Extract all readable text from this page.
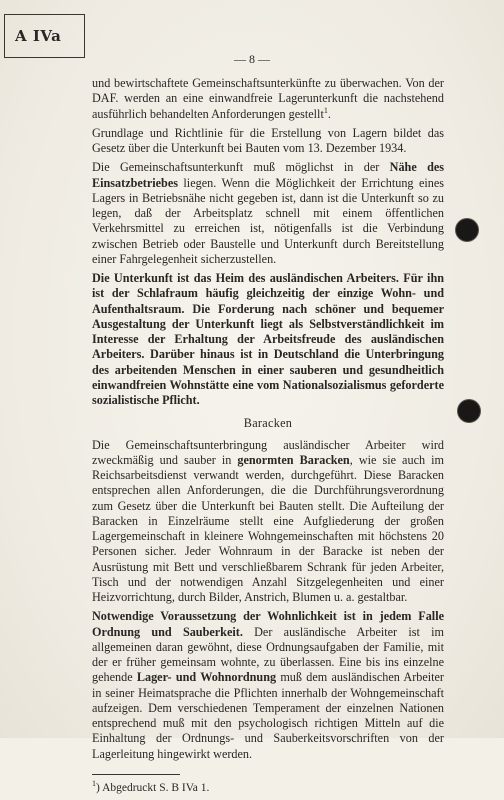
A IVa
— 8 —

und bewirtschaftete Gemeinschaftsunterkünfte zu überwachen. Von der DAF. werden an eine einwandfreie Lagerunterkunft die nachstehend ausführlich behandelten Anforderungen gestellt$^1$.

Grundlage und Richtlinie für die Erstellung von Lagern bildet das Gesetz über die Unterkunft bei Bauten vom 13. Dezember 1934.

Die Gemeinschaftsunterkunft muß möglichst in der Nähe des Einsatzbetriebes liegen. Wenn die Möglichkeit der Errichtung eines Lagers in Betriebsnähe nicht gegeben ist, dann ist die Unterkunft so zu legen, daß der Arbeitsplatz schnell mit einem öffentlichen Verkehrsmittel zu erreichen ist, nötigenfalls ist die Verbindung zwischen Betrieb oder Baustelle und Unterkunft durch Bereitstellung einer Fahrgelegenheit sicherzustellen.

Die Unterkunft ist das Heim des ausländischen Arbeiters. Für ihn ist der Schlafraum häufig gleichzeitig der einzige Wohn- und Aufenthaltsraum. Die Forderung nach schöner und bequemer Ausgestaltung der Unterkunft liegt als Selbstverständlichkeit im Interesse der Erhaltung der Arbeitsfreude des ausländischen Arbeiters. Darüber hinaus ist in Deutschland die Unterbringung des arbeitenden Menschen in einer sauberen und gesundheitlich einwandfreien Wohnstätte eine vom Nationalsozialismus geforderte sozialistische Pflicht.

Baracken

Die Gemeinschaftsunterbringung ausländischer Arbeiter wird zweckmäßig und sauber in genormten Baracken, wie sie auch im Reichsarbeitsdienst verwandt werden, durchgeführt. Diese Baracken entsprechen allen Anforderungen, die die Durchführungsverordnung zum Gesetz über die Unterkunft bei Bauten stellt. Die Aufteilung der Baracken in Einzelräume stellt eine Aufgliederung der großen Lagergemeinschaft in kleinere Wohngemeinschaften mit höchstens 20 Personen sicher. Jeder Wohnraum in der Baracke ist neben der Ausrüstung mit Bett und verschließbarem Schrank für jeden Arbeiter, Tisch und der notwendigen Anzahl Sitzgelegenheiten und einer Heizvorrichtung, durch Bilder, Anstrich, Blumen u. a. gestaltbar.

Notwendige Voraussetzung der Wohnlichkeit ist in jedem Falle Ordnung und Sauberkeit. Der ausländische Arbeiter ist im allgemeinen daran gewöhnt, diese Ordnungsaufgaben der Familie, mit der er früher gemeinsam wohnte, zu überlassen. Eine bis ins einzelne gehende Lager- und Wohnordnung muß dem ausländischen Arbeiter in seiner Heimatsprache die Pflichten innerhalb der Wohngemeinschaft aufzeigen. Dem verschiedenen Temperament der einzelnen Nationen entsprechend muß mit den psychologisch richtigen Mitteln auf die Einhaltung der Ordnungs- und Sauberkeitsvorschriften von der Lagerleitung hingewirkt werden.

$^1$) Abgedruckt S. B IVa 1.
